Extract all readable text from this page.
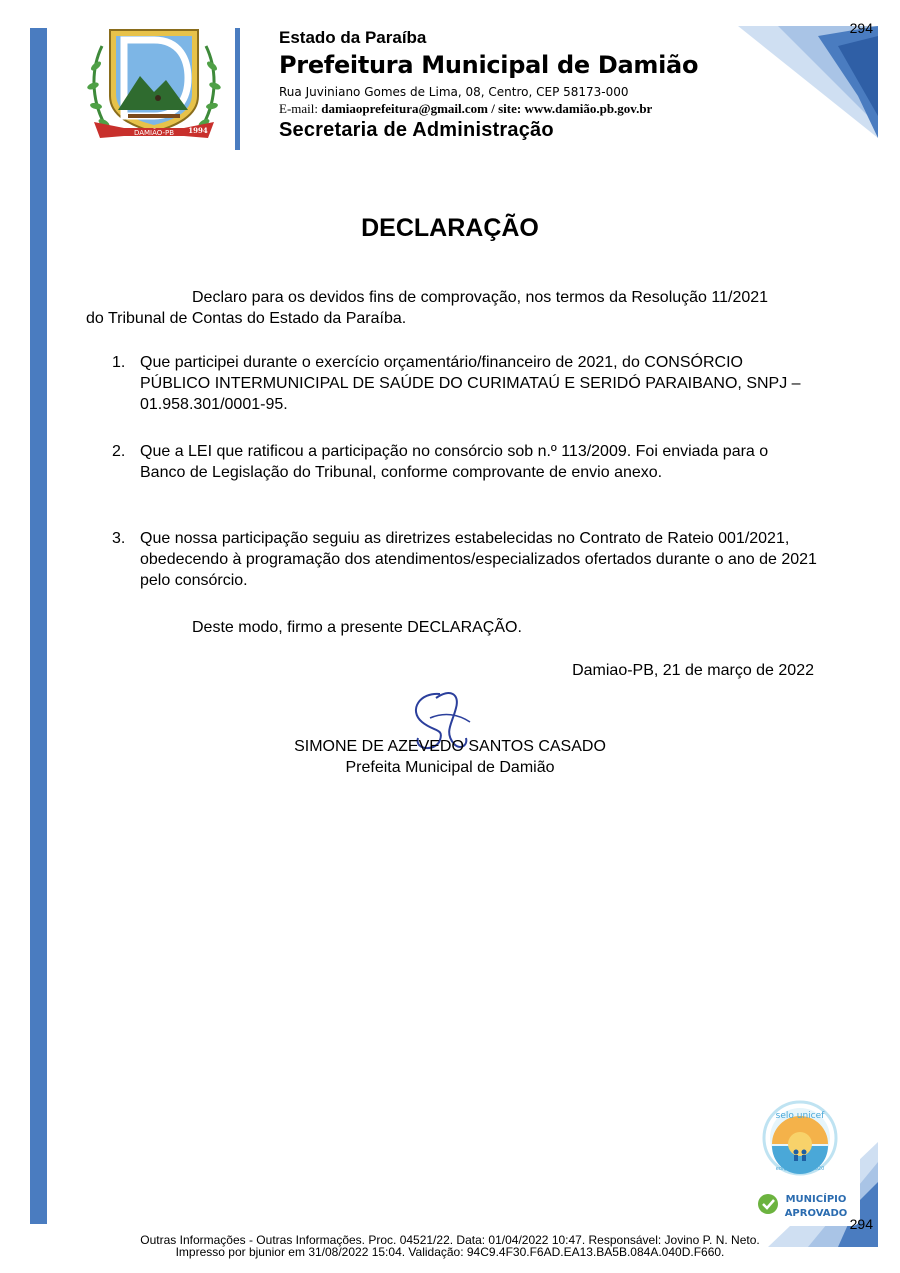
DAMIÃO-PB 1994
Estado da Paraíba
Prefeitura Municipal de Damião
Rua Juviniano Gomes de Lima, 08, Centro, CEP 58173-000
E-mail: damiaoprefeitura@gmail.com / site: www.damião.pb.gov.br
Secretaria de Administração
294
DECLARAÇÃO
Declaro para os devidos fins de comprovação, nos termos da Resolução 11/2021
do Tribunal de Contas do Estado da Paraíba.
1. Que participei durante o exercício orçamentário/financeiro de 2021, do CONSÓRCIO PÚBLICO INTERMUNICIPAL DE SAÚDE DO CURIMATAÚ E SERIDÓ PARAIBANO, SNPJ – 01.958.301/0001-95.
2. Que a LEI que ratificou a participação no consórcio sob n.º 113/2009. Foi enviada para o Banco de Legislação do Tribunal, conforme comprovante de envio anexo.
3. Que nossa participação seguiu as diretrizes estabelecidas no Contrato de Rateio 001/2021, obedecendo à programação dos atendimentos/especializados ofertados durante o ano de 2021 pelo consórcio.
Deste modo, firmo a presente DECLARAÇÃO.
Damiao-PB, 21 de março de 2022
SIMONE DE AZEVEDO SANTOS CASADO
Prefeita Municipal de Damião
selo unicef
edição 2017 - 2020
MUNICÍPIO
APROVADO
294
Outras Informações - Outras Informações. Proc. 04521/22. Data: 01/04/2022 10:47. Responsável: Jovino P. N. Neto.
Impresso por bjunior em 31/08/2022 15:04. Validação: 94C9.4F30.F6AD.EA13.BA5B.084A.040D.F660.
